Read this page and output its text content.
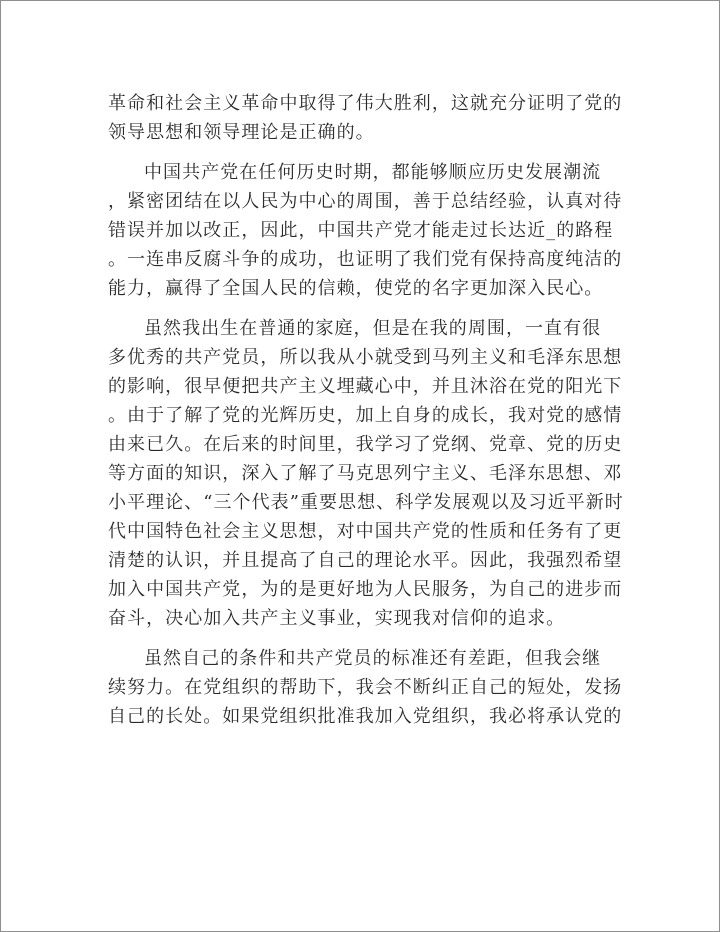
革命和社会主义革命中取得了伟大胜利，这就充分证明了党的
领导思想和领导理论是正确的。
中国共产党在任何历史时期，都能够顺应历史发展潮流
，紧密团结在以人民为中心的周围，善于总结经验，认真对待
错误并加以改正，因此，中国共产党才能走过长达近_的路程
。一连串反腐斗争的成功，也证明了我们党有保持高度纯洁的
能力，赢得了全国人民的信赖，使党的名字更加深入民心。
虽然我出生在普通的家庭，但是在我的周围，一直有很
多优秀的共产党员，所以我从小就受到马列主义和毛泽东思想
的影响，很早便把共产主义埋藏心中，并且沐浴在党的阳光下
。由于了解了党的光辉历史，加上自身的成长，我对党的感情
由来已久。在后来的时间里，我学习了党纲、党章、党的历史
等方面的知识，深入了解了马克思列宁主义、毛泽东思想、邓
小平理论、“三个代表”重要思想、科学发展观以及习近平新时
代中国特色社会主义思想，对中国共产党的性质和任务有了更
清楚的认识，并且提高了自己的理论水平。因此，我强烈希望
加入中国共产党，为的是更好地为人民服务，为自己的进步而
奋斗，决心加入共产主义事业，实现我对信仰的追求。
虽然自己的条件和共产党员的标准还有差距，但我会继
续努力。在党组织的帮助下，我会不断纠正自己的短处，发扬
自己的长处。如果党组织批准我加入党组织，我必将承认党的
